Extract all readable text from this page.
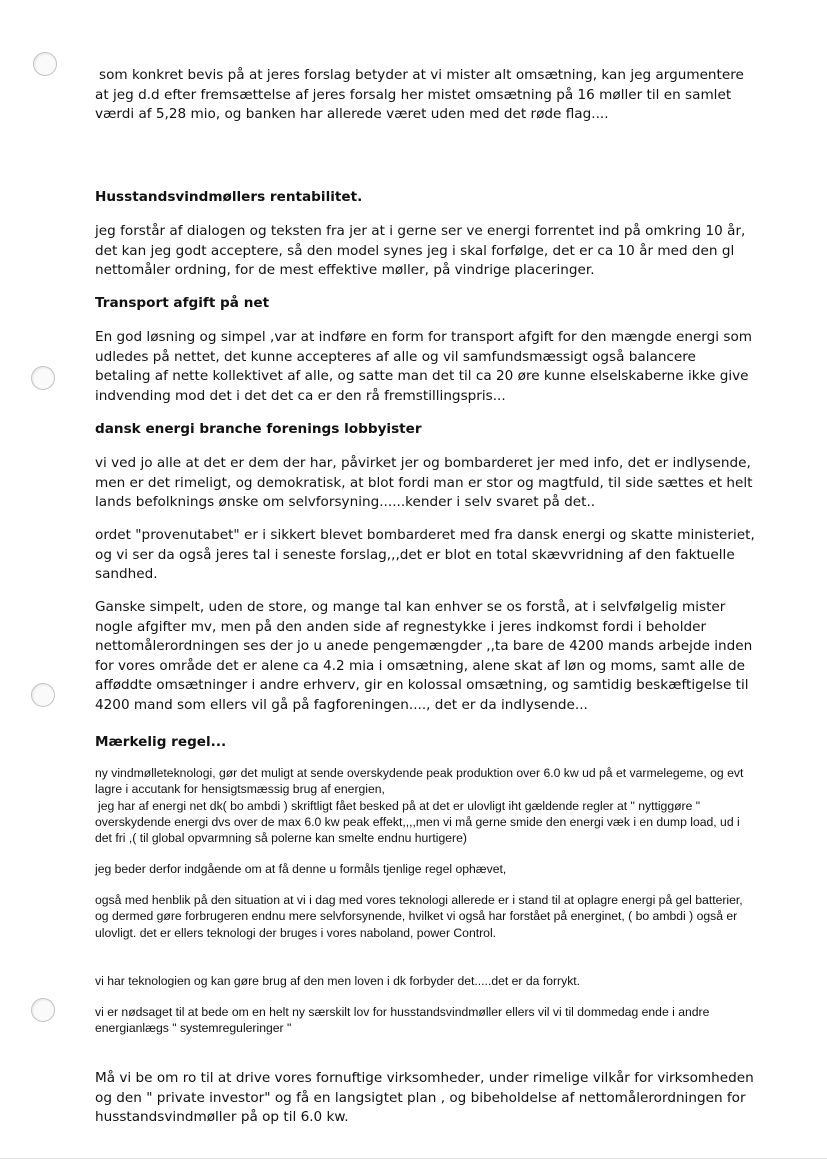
som konkret bevis på at jeres forslag betyder at vi mister alt omsætning, kan jeg argumentere at jeg d.d efter fremsættelse af jeres forsalg her mistet omsætning på 16 møller til en samlet værdi af 5,28 mio, og banken har allerede været uden med det røde flag....

Husstandsvindmøllers rentabilitet.

jeg forstår af dialogen og teksten fra jer at i gerne ser ve energi forrentet ind på omkring 10 år, det kan jeg godt acceptere, så den model synes jeg i skal forfølge, det er ca 10 år med den gl nettomåler ordning, for de mest effektive møller, på vindrige placeringer.

Transport afgift på net

En god løsning og simpel ,var at indføre en form for transport afgift for den mængde energi som udledes på nettet, det kunne accepteres af alle og vil samfundsmæssigt også balancere betaling af nette kollektivet af alle, og satte man det til ca 20 øre kunne elselskaberne ikke give indvending mod det i det det ca er den rå fremstillingspris...

dansk energi branche forenings lobbyister

vi ved jo alle at det er dem der har, påvirket jer og bombarderet jer med info, det er indlysende, men er det rimeligt, og demokratisk, at blot fordi man er stor og magtfuld, til side sættes et helt lands befolknings ønske om selvforsyning......kender i selv svaret på det..

ordet "provenutabet" er i sikkert blevet bombarderet med fra dansk energi og skatte ministeriet, og vi ser da også jeres tal i seneste forslag,,,det er blot en total skævvridning af den faktuelle sandhed.

Ganske simpelt, uden de store, og mange tal kan enhver se os forstå, at i selvfølgelig mister nogle afgifter mv, men på den anden side af regnestykke i jeres indkomst fordi i beholder nettomålerordningen ses der jo u anede pengemængder ,,ta bare de 4200 mands arbejde inden for vores område det er alene ca 4.2 mia i omsætning, alene skat af løn og moms, samt alle de afføddte omsætninger i andre erhverv, gir en kolossal omsætning, og samtidig beskæftigelse til 4200 mand som ellers vil gå på fagforeningen...., det er da indlysende...

Mærkelig regel...

ny vindmølleteknologi, gør det muligt at sende overskydende peak produktion over 6.0 kw ud på et varmelegeme, og evt lagre i accutank for hensigtsmæssig brug af energien,

jeg har af energi net dk( bo ambdi ) skriftligt fået besked på at det er ulovligt iht gældende regler at " nyttiggøre " overskydende energi dvs over de max 6.0 kw peak effekt,,,,men vi må gerne smide den energi væk i en dump load, ud i det fri ,( til global opvarmning så polerne kan smelte endnu hurtigere)

jeg beder derfor indgående om at få denne u formåls tjenlige regel ophævet,

også med henblik på den situation at vi i dag med vores teknologi allerede er i stand til at oplagre energi på gel batterier, og dermed gøre forbrugeren endnu mere selvforsynende, hvilket vi også har forstået på energinet, ( bo ambdi ) også er ulovligt. det er ellers teknologi der bruges i vores naboland, power Control.

vi har teknologien og kan gøre brug af den men loven i dk forbyder det.....det er da forrykt.

vi er nødsaget til at bede om en helt ny særskilt lov for husstandsvindmøller ellers vil vi til dommedag ende i andre energianlægs " systemreguleringer "

Må vi be om ro til at drive vores fornuftige virksomheder, under rimelige vilkår for virksomheden og den " private investor" og få en langsigtet plan , og bibeholdelse af nettomålerordningen for husstandsvindmøller på op til 6.0 kw.
